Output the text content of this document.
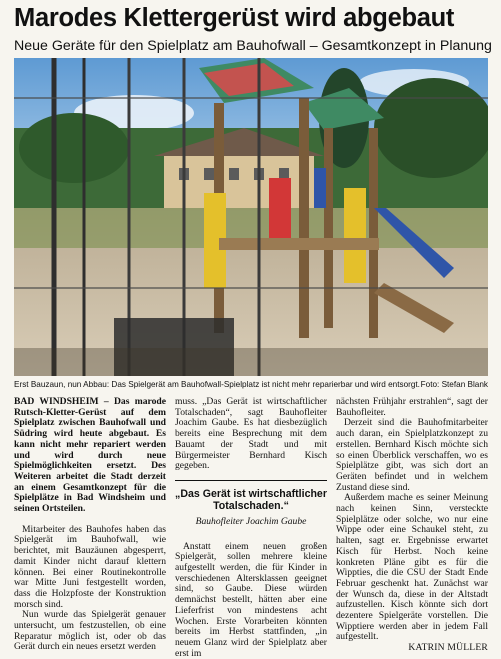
Marodes Klettergerüst wird abgebaut
Neue Geräte für den Spielplatz am Bauhofwall – Gesamtkonzept in Planung
Erst Bauzaun, nun Abbau: Das Spielgerät am Bauhofwall-Spielplatz ist nicht mehr reparierbar und wird entsorgt. Foto: Stefan Blank

BAD WINDSHEIM – Das marode Rutsch-Kletter-Gerüst auf dem Spielplatz zwischen Bauhofwall und Südring wird heute abgebaut. Es kann nicht mehr repariert werden und wird durch neue Spielmöglichkeiten ersetzt. Des Weiteren arbeitet die Stadt derzeit an einem Gesamtkonzept für die Spielplätze in Bad Windsheim und seinen Ortsteilen.

Mitarbeiter des Bauhofes haben das Spielgerät im Bauhofwall, wie berichtet, mit Bauzäunen abgesperrt, damit Kinder nicht darauf klettern können. Bei einer Routinekontrolle war Mitte Juni festgestellt worden, dass die Holzpfoste der Konstruktion morsch sind.

Nun wurde das Spielgerät genauer untersucht, um festzustellen, ob eine Reparatur möglich ist, oder ob das Gerät durch ein neues ersetzt werden

muss. „Das Gerät ist wirtschaftlicher Totalschaden“, sagt Bauhofleiter Joachim Gaube. Es hat diesbezüglich bereits eine Besprechung mit dem Bauamt der Stadt und mit Bürgermeister Bernhard Kisch gegeben.

„Das Gerät ist wirtschaftlicher Totalschaden.“
Bauhofleiter Joachim Gaube

Anstatt einem neuen großen Spielgerät, sollen mehrere kleine aufgestellt werden, die für Kinder in verschiedenen Altersklassen geeignet sind, so Gaube. Diese würden demnächst bestellt, hätten aber eine Lieferfrist von mindestens acht Wochen. Erste Vorarbeiten könnten bereits im Herbst stattfinden, „in neuem Glanz wird der Spielplatz aber erst im

nächsten Frühjahr erstrahlen“, sagt der Bauhofleiter.

Derzeit sind die Bauhofmitarbeiter auch daran, ein Spielplatzkonzept zu erstellen. Bernhard Kisch möchte sich so einen Überblick verschaffen, wo es Spielplätze gibt, was sich dort an Geräten befindet und in welchem Zustand diese sind.

Außerdem mache es seiner Meinung nach keinen Sinn, versteckte Spielplätze oder solche, wo nur eine Wippe oder eine Schaukel steht, zu halten, sagt er. Ergebnisse erwartet Kisch für Herbst. Noch keine konkreten Pläne gibt es für die Wippties, die die CSU der Stadt Ende Februar geschenkt hat. Zunächst war der Wunsch da, diese in der Altstadt aufzustellen. Kisch könnte sich dort dezentere Spielgeräte vorstellen. Die Wipptiere werden aber in jedem Fall aufgestellt.

KATRIN MÜLLER
